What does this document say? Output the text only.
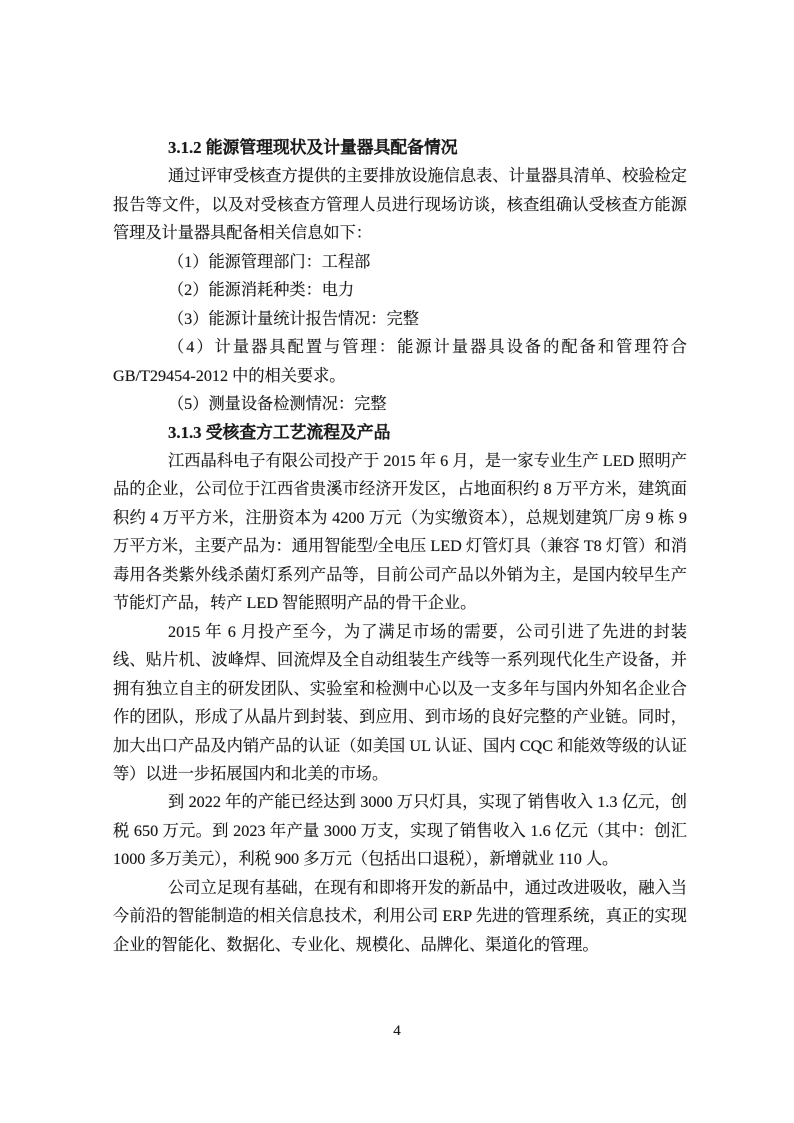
3.1.2 能源管理现状及计量器具配备情况

通过评审受核查方提供的主要排放设施信息表、计量器具清单、校验检定报告等文件，以及对受核查方管理人员进行现场访谈，核查组确认受核查方能源管理及计量器具配备相关信息如下：

（1）能源管理部门：工程部

（2）能源消耗种类：电力

（3）能源计量统计报告情况：完整

（4）计量器具配置与管理：能源计量器具设备的配备和管理符合 GB/T29454-2012 中的相关要求。

（5）测量设备检测情况：完整

3.1.3 受核查方工艺流程及产品

江西晶科电子有限公司投产于 2015 年 6 月，是一家专业生产 LED 照明产品的企业，公司位于江西省贵溪市经济开发区，占地面积约 8 万平方米，建筑面积约 4 万平方米，注册资本为 4200 万元（为实缴资本），总规划建筑厂房 9 栋 9 万平方米，主要产品为：通用智能型/全电压 LED 灯管灯具（兼容 T8 灯管）和消毒用各类紫外线杀菌灯系列产品等，目前公司产品以外销为主，是国内较早生产节能灯产品，转产 LED 智能照明产品的骨干企业。

2015 年 6 月投产至今，为了满足市场的需要，公司引进了先进的封装线、贴片机、波峰焊、回流焊及全自动组装生产线等一系列现代化生产设备，并拥有独立自主的研发团队、实验室和检测中心以及一支多年与国内外知名企业合作的团队，形成了从晶片到封装、到应用、到市场的良好完整的产业链。同时，加大出口产品及内销产品的认证（如美国 UL 认证、国内 CQC 和能效等级的认证等）以进一步拓展国内和北美的市场。

到 2022 年的产能已经达到 3000 万只灯具，实现了销售收入 1.3 亿元，创税 650 万元。到 2023 年产量 3000 万支，实现了销售收入 1.6 亿元（其中：创汇 1000 多万美元），利税 900 多万元（包括出口退税），新增就业 110 人。

公司立足现有基础，在现有和即将开发的新品中，通过改进吸收，融入当今前沿的智能制造的相关信息技术，利用公司 ERP 先进的管理系统，真正的实现企业的智能化、数据化、专业化、规模化、品牌化、渠道化的管理。

4
